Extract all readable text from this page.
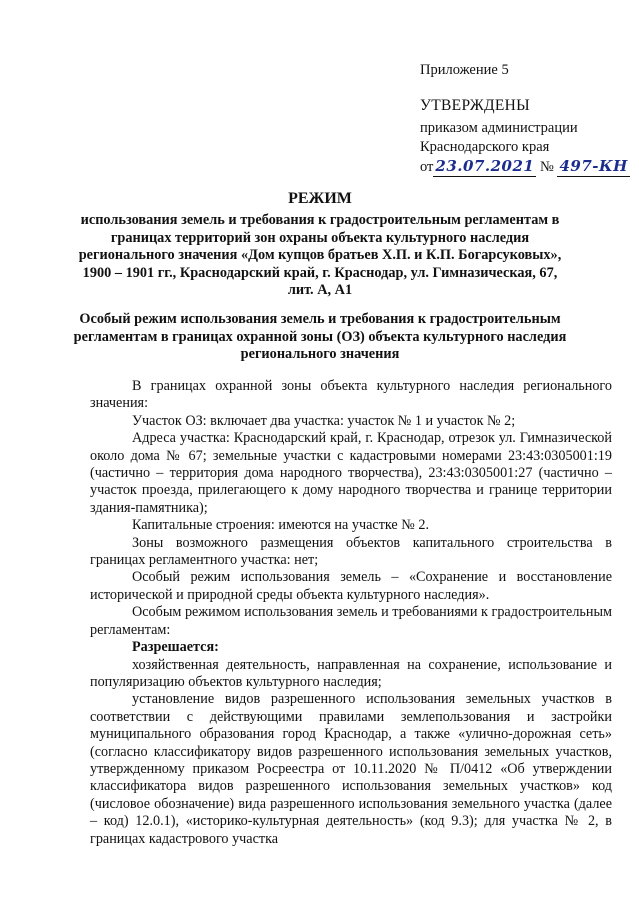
Приложение 5
УТВЕРЖДЕНЫ
приказом администрации
Краснодарского края
от 23.07.2021 № 497-КН
РЕЖИМ
использования земель и требования к градостроительным регламентам в границах территорий зон охраны объекта культурного наследия регионального значения «Дом купцов братьев Х.П. и К.П. Богарсуковых», 1900 – 1901 гг., Краснодарский край, г. Краснодар, ул. Гимназическая, 67, лит. А, А1
Особый режим использования земель и требования к градостроительным регламентам в границах охранной зоны (ОЗ) объекта культурного наследия регионального значения

В границах охранной зоны объекта культурного наследия регионального значения:

Участок ОЗ: включает два участка: участок № 1 и участок № 2;

Адреса участка: Краснодарский край, г. Краснодар, отрезок ул. Гимназической около дома № 67; земельные участки с кадастровыми номерами 23:43:0305001:19 (частично – территория дома народного творчества), 23:43:0305001:27 (частично – участок проезда, прилегающего к дому народного творчества и границе территории здания-памятника);

Капитальные строения: имеются на участке № 2.

Зоны возможного размещения объектов капитального строительства в границах регламентного участка: нет;

Особый режим использования земель – «Сохранение и восстановление исторической и природной среды объекта культурного наследия».

Особым режимом использования земель и требованиями к градостроительным регламентам:

Разрешается:

хозяйственная деятельность, направленная на сохранение, использование и популяризацию объектов культурного наследия;

установление видов разрешенного использования земельных участков в соответствии с действующими правилами землепользования и застройки муниципального образования город Краснодар, а также «улично-дорожная сеть» (согласно классификатору видов разрешенного использования земельных участков, утвержденному приказом Росреестра от 10.11.2020 № П/0412 «Об утверждении классификатора видов разрешенного использования земельных участков» код (числовое обозначение) вида разрешенного использования земельного участка (далее – код) 12.0.1), «историко-культурная деятельность» (код 9.3); для участка № 2, в границах кадастрового участка
